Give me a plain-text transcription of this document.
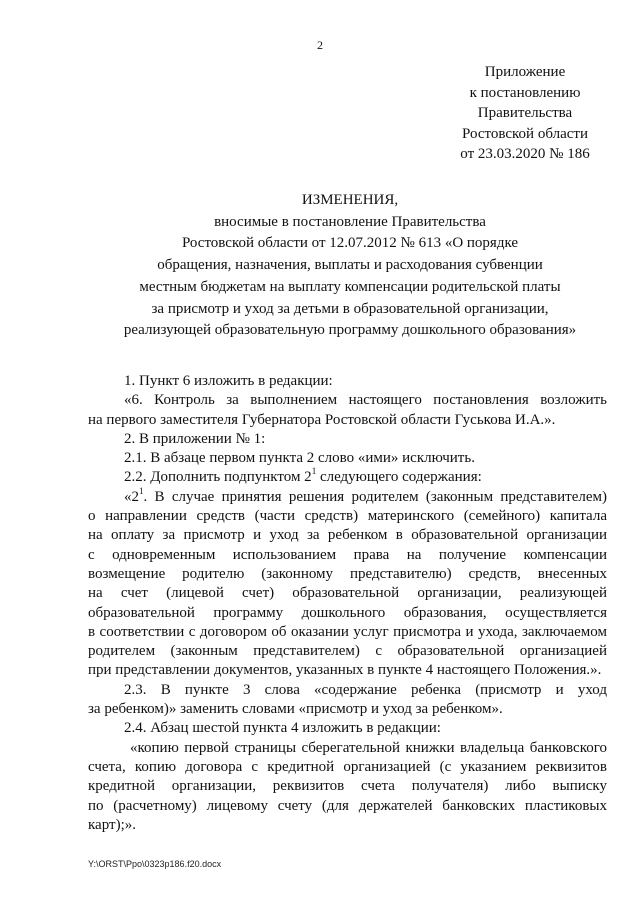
2
Приложение
к постановлению
Правительства
Ростовской области
от 23.03.2020 № 186
ИЗМЕНЕНИЯ,
вносимые в постановление Правительства
Ростовской области от 12.07.2012 № 613 «О порядке
обращения, назначения, выплаты и расходования субвенции
местным бюджетам на выплату компенсации родительской платы
за присмотр и уход за детьми в образовательной организации,
реализующей образовательную программу дошкольного образования»
1. Пункт 6 изложить в редакции:
«6. Контроль за выполнением настоящего постановления возложить
на первого заместителя Губернатора Ростовской области Гуськова И.А.».
2. В приложении № 1:
2.1. В абзаце первом пункта 2 слово «ими» исключить.
2.2. Дополнить подпунктом $2^1$ следующего содержания:
«$2^1$. В случае принятия решения родителем (законным представителем)
о направлении средств (части средств) материнского (семейного) капитала
на оплату за присмотр и уход за ребенком в образовательной организации
с одновременным использованием права на получение компенсации
возмещение родителю (законному представителю) средств, внесенных
на счет (лицевой счет) образовательной организации, реализующей
образовательной программу дошкольного образования, осуществляется
в соответствии с договором об оказании услуг присмотра и ухода, заключаемом
родителем (законным представителем) с образовательной организацией
при представлении документов, указанных в пункте 4 настоящего Положения.».
2.3. В пункте 3 слова «содержание ребенка (присмотр и уход
за ребенком)» заменить словами «присмотр и уход за ребенком».
2.4. Абзац шестой пункта 4 изложить в редакции:
«копию первой страницы сберегательной книжки владельца банковского
счета, копию договора с кредитной организацией (с указанием реквизитов
кредитной организации, реквизитов счета получателя) либо выписку
по (расчетному) лицевому счету (для держателей банковских пластиковых
карт);».
Y:\ORST\Ppo\0323p186.f20.docx
